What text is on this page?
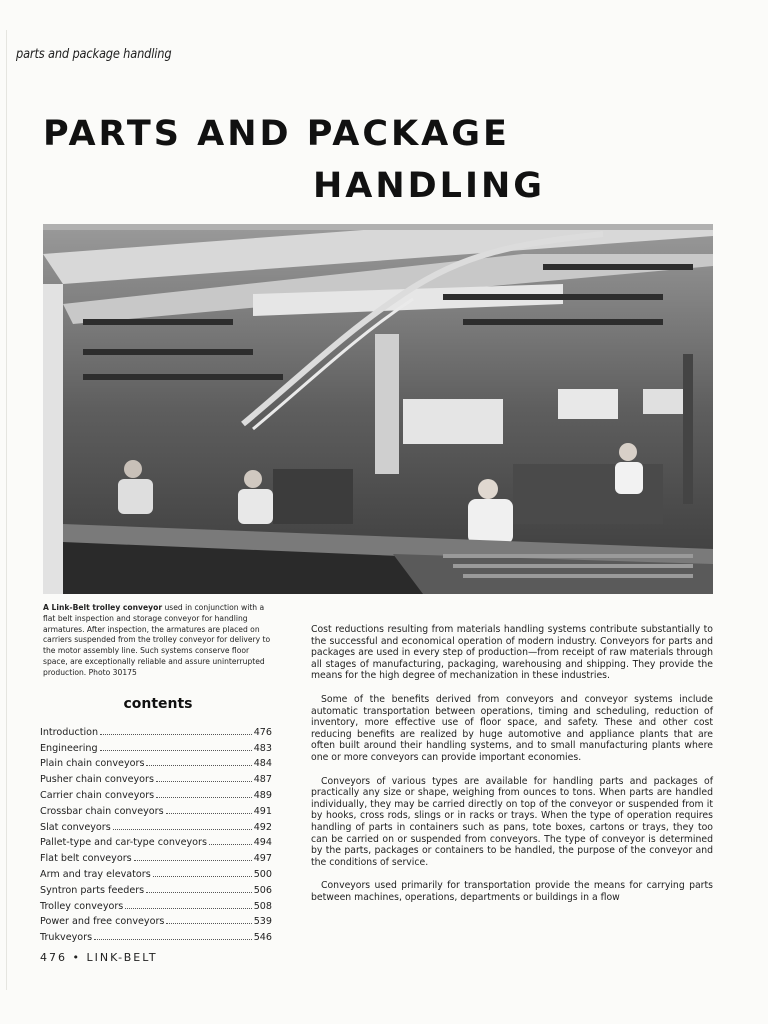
parts and package handling
PARTS AND PACKAGE
HANDLING
A Link-Belt trolley conveyor used in conjunction with a flat belt inspection and storage conveyor for handling armatures. After inspection, the armatures are placed on carriers suspended from the trolley conveyor for delivery to the motor assembly line. Such systems conserve floor space, are exceptionally reliable and assure uninterrupted production. Photo 30175
contents
Introduction	476
Engineering	483
Plain chain conveyors	484
Pusher chain conveyors	487
Carrier chain conveyors	489
Crossbar chain conveyors	491
Slat conveyors	492
Pallet-type and car-type conveyors	494
Flat belt conveyors	497
Arm and tray elevators	500
Syntron parts feeders	506
Trolley conveyors	508
Power and free conveyors	539
Trukveyors	546

Cost reductions resulting from materials handling systems contribute substantially to the successful and economical operation of modern industry. Conveyors for parts and packages are used in every step of production—from receipt of raw materials through all stages of manufacturing, packaging, warehousing and shipping. They provide the means for the high degree of mechanization in these industries.

Some of the benefits derived from conveyors and conveyor systems include automatic transportation between operations, timing and scheduling, reduction of inventory, more effective use of floor space, and safety. These and other cost reducing benefits are realized by huge automotive and appliance plants that are often built around their handling systems, and to small manufacturing plants where one or more conveyors can provide important economies.

Conveyors of various types are available for handling parts and packages of practically any size or shape, weighing from ounces to tons. When parts are handled individually, they may be carried directly on top of the conveyor or suspended from it by hooks, cross rods, slings or in racks or trays. When the type of operation requires handling of parts in containers such as pans, tote boxes, cartons or trays, they too can be carried on or suspended from conveyors. The type of conveyor is determined by the parts, packages or containers to be handled, the purpose of the conveyor and the conditions of service.

Conveyors used primarily for transportation provide the means for carrying parts between machines, operations, departments or buildings in a flow

476 • LINK-BELT
